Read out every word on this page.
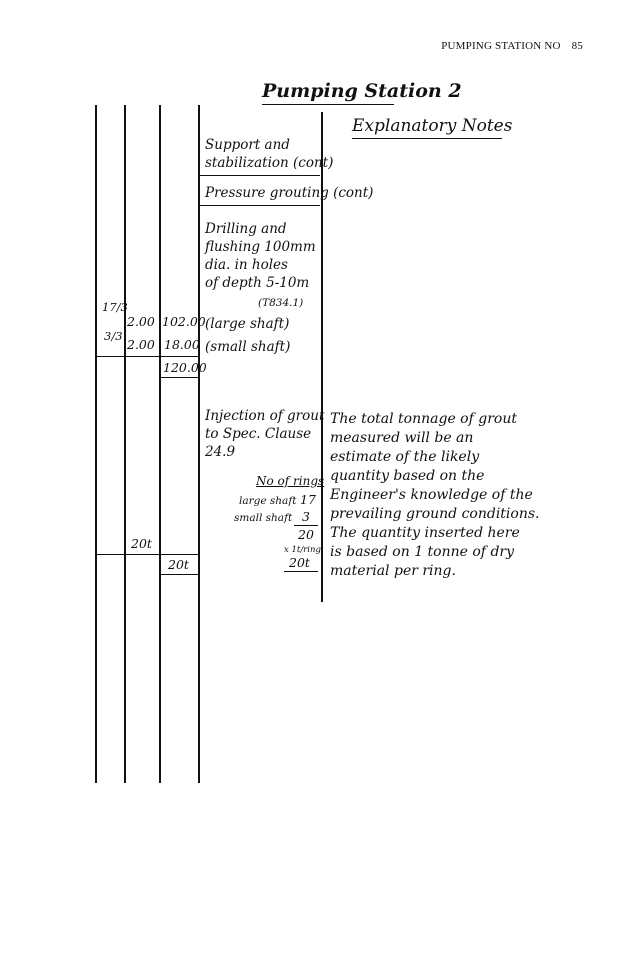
PUMPING STATION NO 85
Pumping Station 2
Explanatory Notes
Support and
stabilization (cont)
Pressure grouting (cont)
Drilling and
flushing 100mm
dia. in holes
of depth 5-10m
(T834.1)
17/3
2.00 102.00 (large shaft)
3/3
2.00 18.00 (small shaft)
120.00
Injection of grout
to Spec. Clause
24.9
No of rings
large shaft 17
small shaft 3
20
x 1t/ring
20t
20t
20t
The total tonnage of grout
measured will be an
estimate of the likely
quantity based on the
Engineer's knowledge of the
prevailing ground conditions.
The quantity inserted here
is based on 1 tonne of dry
material per ring.
